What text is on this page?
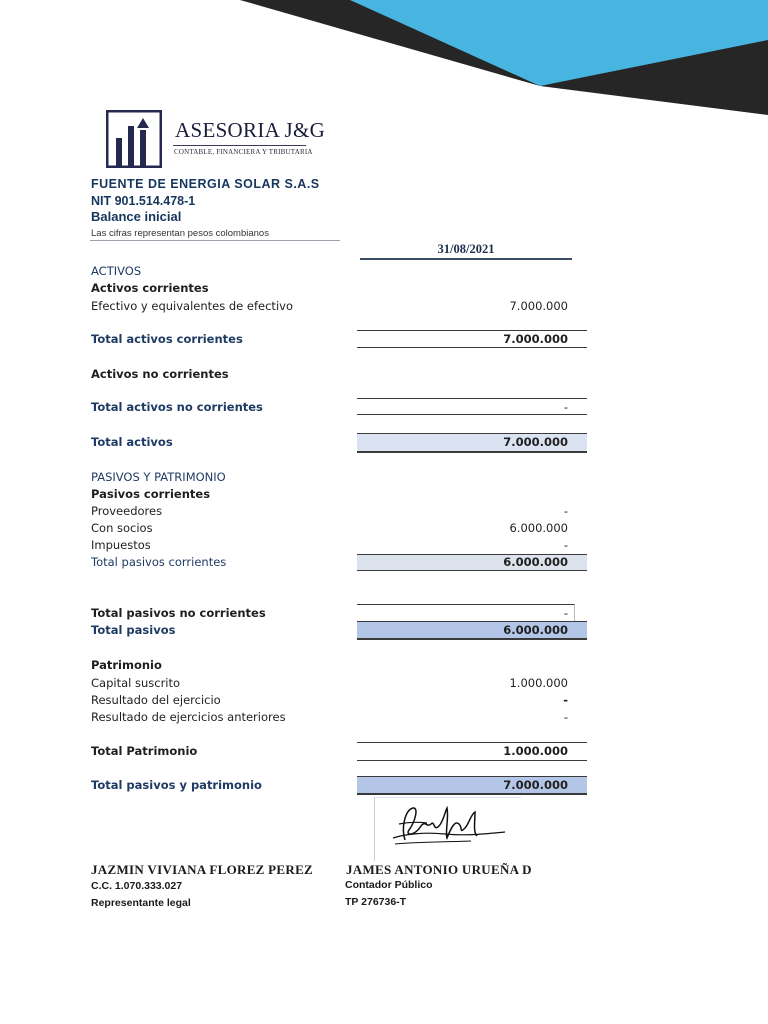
ASESORIA J&G
CONTABLE, FINANCIERA Y TRIBUTARIA
FUENTE DE ENERGIA SOLAR S.A.S
NIT 901.514.478-1
Balance inicial
Las cifras representan pesos colombianos
31/08/2021
ACTIVOS
Activos corrientes
Efectivo y equivalentes de efectivo	7.000.000
Total activos corrientes	7.000.000
Activos no corrientes
Total activos no corrientes	-
Total activos	7.000.000
PASIVOS Y PATRIMONIO
Pasivos corrientes
Proveedores	-
Con socios	6.000.000
Impuestos	-
Total pasivos corrientes	6.000.000
Total pasivos no corrientes	-
Total pasivos	6.000.000
Patrimonio
Capital suscrito	1.000.000
Resultado del ejercicio	-
Resultado de ejercicios anteriores	-
Total Patrimonio	1.000.000
Total pasivos y patrimonio	7.000.000
JAZMIN VIVIANA FLOREZ PEREZ
C.C. 1.070.333.027
Representante legal
JAMES ANTONIO URUEÑA D
Contador Público
TP 276736-T
